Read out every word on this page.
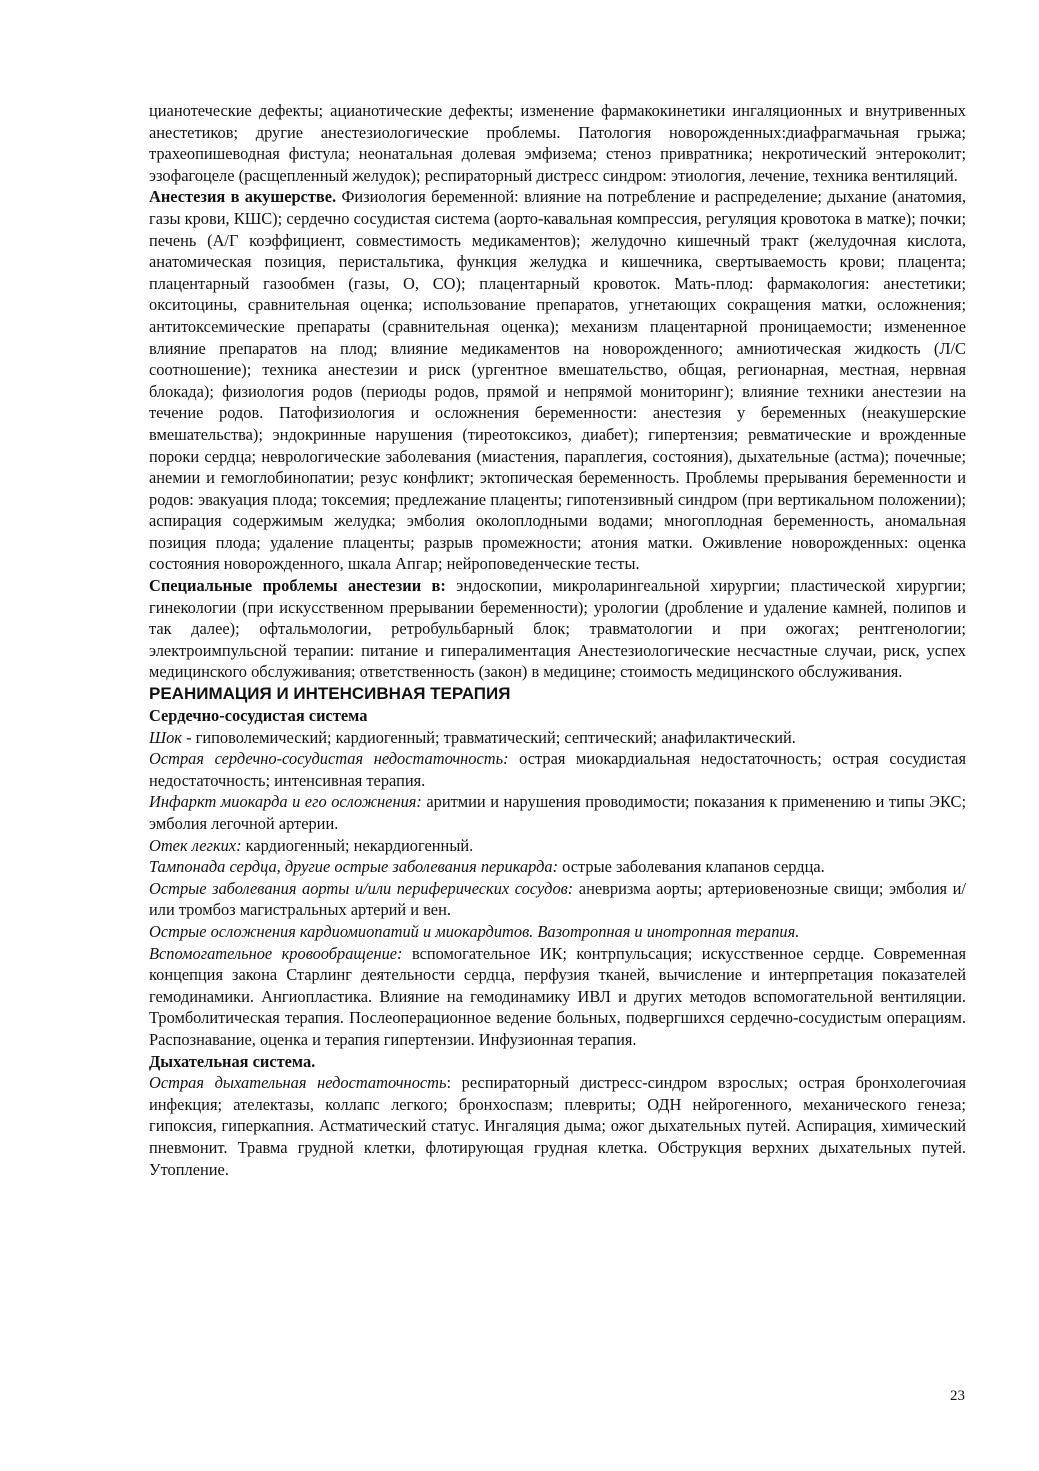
цианотеческие дефекты; ацианотические дефекты; изменение фармакокинетики ингаляционных и внутривенных анестетиков; другие анестезиологические проблемы. Патология новорожденных:диафрагмачьная грыжа; трахеопишеводная фистула; неонатальная долевая эмфизема; стеноз привратника; некротический энтероколит; эзофагоцеле (расщепленный желудок); респираторный дистресс синдром: этиология, лечение, техника вентиляций.

Анестезия в акушерстве. Физиология беременной: влияние на потребление и распределение; дыхание (анатомия, газы крови, КШС); сердечно сосудистая система (аорто-кавальная компрессия, регуляция кровотока в матке); почки; печень (А/Г коэффициент, совместимость медикаментов); желудочно кишечный тракт (желудочная кислота, анатомическая позиция, перистальтика, функция желудка и кишечника, свертываемость крови; плацента; плацентарный газообмен (газы, О, СО); плацентарный кровоток. Мать-плод: фармакология: анестетики; окситоцины, сравнительная оценка; использование препаратов, угнетающих сокращения матки, осложнения; антитоксемические препараты (сравнительная оценка); механизм плацентарной проницаемости; измененное влияние препаратов на плод; влияние медикаментов на новорожденного; амниотическая жидкость (Л/С соотношение); техника анестезии и риск (ургентное вмешательство, общая, регионарная, местная, нервная блокада); физиология родов (периоды родов, прямой и непрямой мониторинг); влияние техники анестезии на течение родов. Патофизиология и осложнения беременности: анестезия у беременных (неакушерские вмешательства); эндокринные нарушения (тиреотоксикоз, диабет); гипертензия; ревматические и врожденные пороки сердца; неврологические заболевания (миастения, параплегия, состояния), дыхательные (астма); почечные; анемии и гемоглобинопатии; резус конфликт; эктопическая беременность. Проблемы прерывания беременности и родов: эвакуация плода; токсемия; предлежание плаценты; гипотензивный синдром (при вертикальном положении); аспирация содержимым желудка; эмболия околоплодными водами; многоплодная беременность, аномальная позиция плода; удаление плаценты; разрыв промежности; атония матки. Оживление новорожденных: оценка состояния новорожденного, шкала Апгар; нейроповеденческие тесты.

Специальные проблемы анестезии в: эндоскопии, микроларингеальной хирургии; пластической хирургии; гинекологии (при искусственном прерывании беременности); урологии (дробление и удаление камней, полипов и так далее); офтальмологии, ретробульбарный блок; травматологии и при ожогах; рентгенологии; электроимпульсной терапии: питание и гипералиментация Анестезиологические несчастные случаи, риск, успех медицинского обслуживания; ответственность (закон) в медицине; стоимость медицинского обслуживания.

РЕАНИМАЦИЯ И ИНТЕНСИВНАЯ ТЕРАПИЯ

Сердечно-сосудистая система

Шок - гиповолемический; кардиогенный; травматический; септический; анафилактический.

Острая сердечно-сосудистая недостаточность: острая миокардиальная недостаточность; острая сосудистая недостаточность; интенсивная терапия.

Инфаркт миокарда и его осложнения: аритмии и нарушения проводимости; показания к применению и типы ЭКС; эмболия легочной артерии.

Отек легких: кардиогенный; некардиогенный.

Тампонада сердца, другие острые заболевания перикарда: острые заболевания клапанов сердца.

Острые заболевания аорты и/или периферических сосудов: аневризма аорты; артериовенозные свищи; эмболия и/или тромбоз магистральных артерий и вен.

Острые осложнения кардиомиопатий и миокардитов. Вазотропная и инотропная терапия.

Вспомогательное кровообращение: вспомогательное ИК; контрпульсация; искусственное сердце. Современная концепция закона Старлинг деятельности сердца, перфузия тканей, вычисление и интерпретация показателей гемодинамики. Ангиопластика. Влияние на гемодинамику ИВЛ и других методов вспомогательной вентиляции. Тромболитическая терапия. Послеоперационное ведение больных, подвергшихся сердечно-сосудистым операциям. Распознавание, оценка и терапия гипертензии. Инфузионная терапия.

Дыхательная система.

Острая дыхательная недостаточность: респираторный дистресс-синдром взрослых; острая бронхолегочиая инфекция; ателектазы, коллапс легкого; бронхоспазм; плевриты; ОДН нейрогенного, механического генеза; гипоксия, гиперкапния. Астматический статус. Ингаляция дыма; ожог дыхательных путей. Аспирация, химический пневмонит. Травма грудной клетки, флотирующая грудная клетка. Обструкция верхних дыхательных путей. Утопление.

23
